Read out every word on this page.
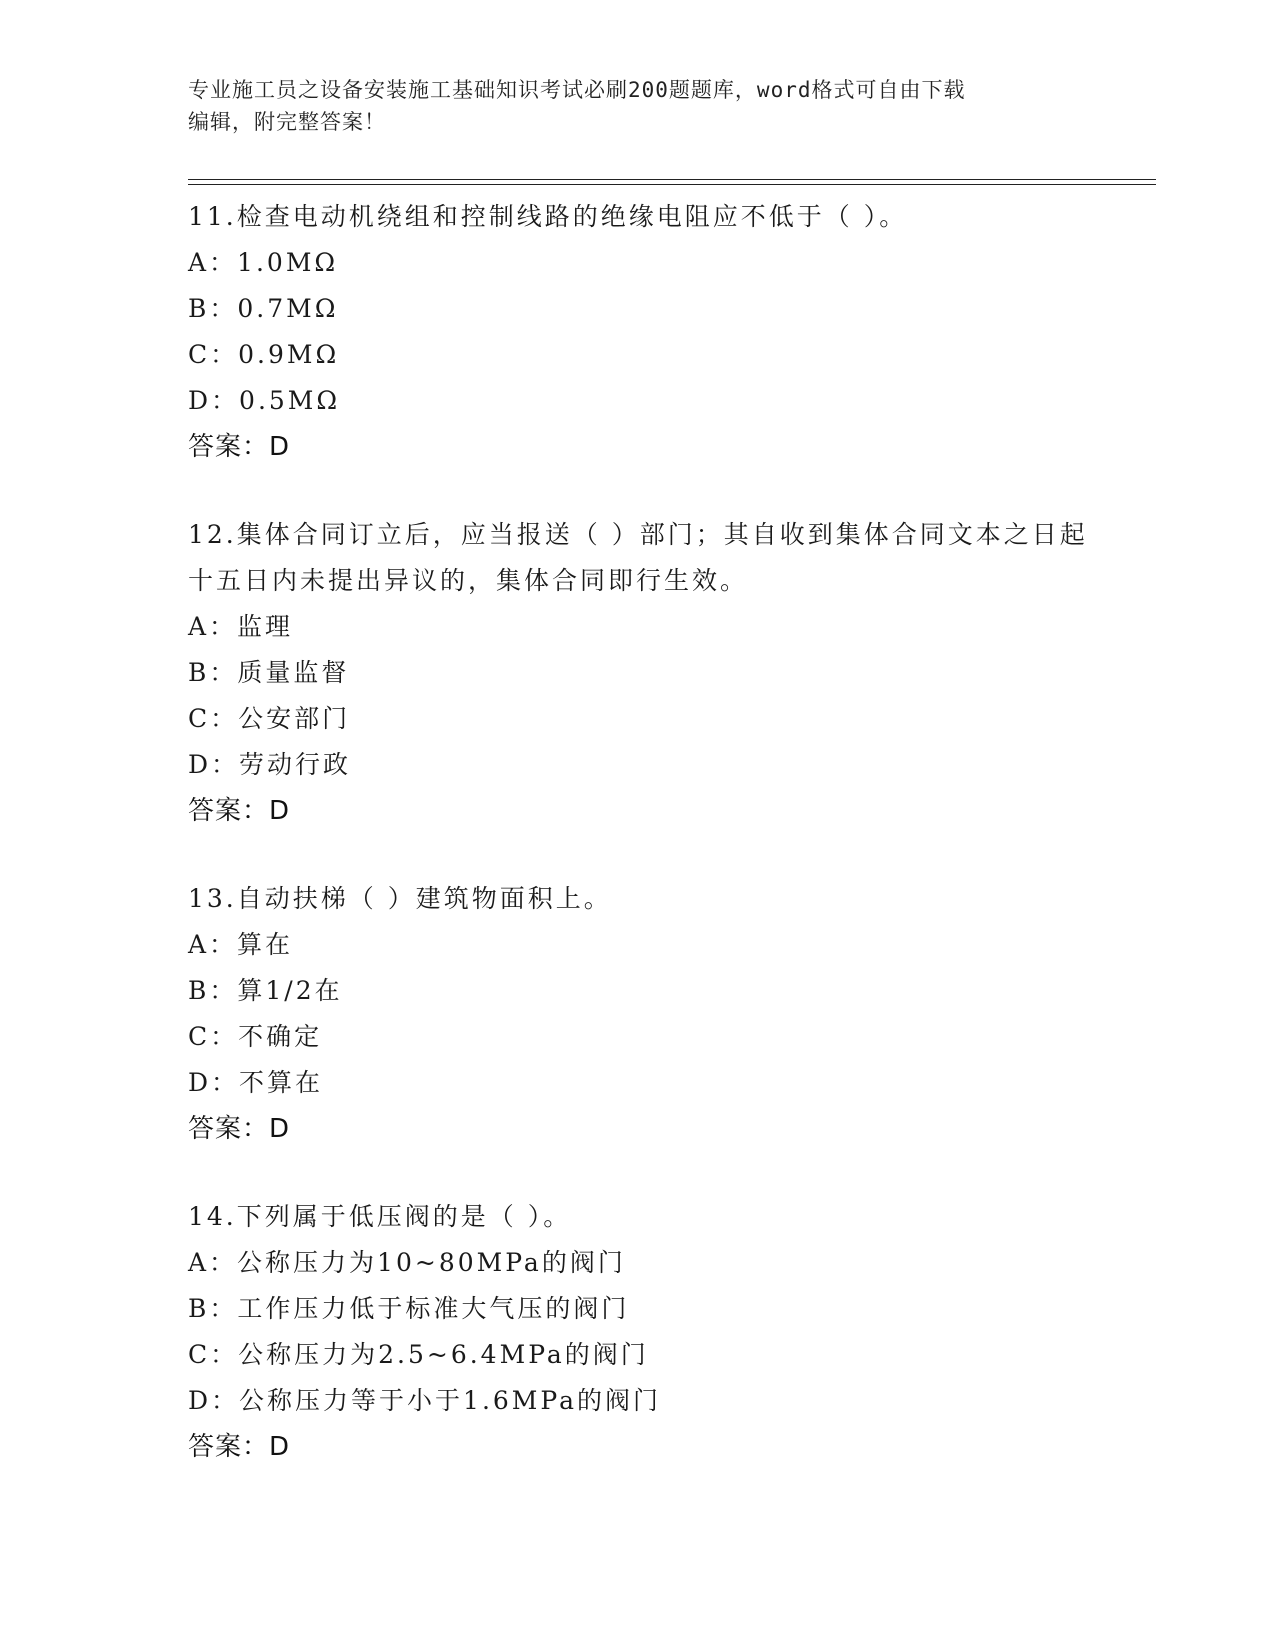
专业施工员之设备安装施工基础知识考试必刷200题题库，word格式可自由下载
编辑，附完整答案！
11.检查电动机绕组和控制线路的绝缘电阻应不低于（ ）。
A：1.0MΩ
B：0.7MΩ
C：0.9MΩ
D：0.5MΩ
答案：D
12.集体合同订立后，应当报送（ ）部门；其自收到集体合同文本之日起十五日内未提出异议的，集体合同即行生效。
A：监理
B：质量监督
C：公安部门
D：劳动行政
答案：D
13.自动扶梯（ ）建筑物面积上。
A：算在
B：算1/2在
C：不确定
D：不算在
答案：D
14.下列属于低压阀的是（ ）。
A：公称压力为10~80MPa的阀门
B：工作压力低于标准大气压的阀门
C：公称压力为2.5~6.4MPa的阀门
D：公称压力等于小于1.6MPa的阀门
答案：D
